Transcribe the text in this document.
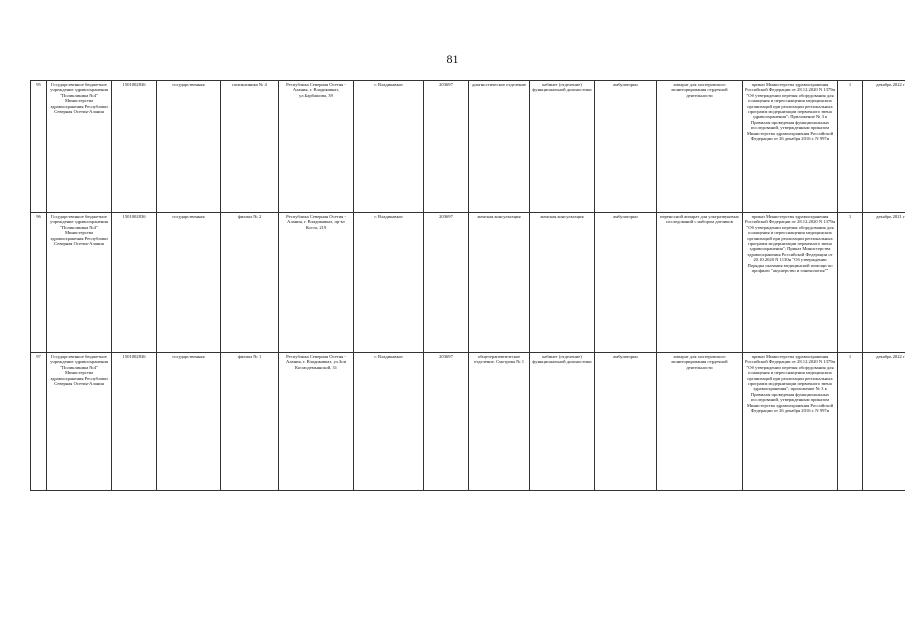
81
95	Государственное бюджетное учреждение здравоохранения "Поликлиника №4" Министерства здравоохранения Республики Северная Осетия-Алания	1501002836	государственная	поликлиника № 4	Республика Северная Осетия - Алания, г. Владикавказ, ул.Барбашова, 39	г. Владикавказ	203697	диагностическое отделение	кабинет (отделение) функциональной диагностики	амбулаторно	аппарат для холтеровского мониторирования сердечной деятельности	приказ Министерства здравоохранения Российской Федерации от 28.12.2020 N 1379н "Об утверждении перечня оборудования для оснащения и переоснащения медицинских организаций при реализации региональных программ модернизации первичного звена здравоохранения"; Приложение № 3 к Правилам проведения функциональных исследований, утвержденным приказом Министерства здравоохранения Российской Федерации от 26 декабря 2016 г. N 997н	1	декабрь 2022 г
96	Государственное бюджетное учреждение здравоохранения "Поликлиника №4" Министерства здравоохранения Республики Северная Осетия-Алания	1501002836	государственная	филиал № 2	Республика Северная Осетия - Алания, г. Владикавказ, пр-кт Коста, 219	г. Владикавказ	203697	женская консультация	женская консультация	амбулаторно	переносной аппарат для ультразвуковых исследований с набором датчиков	приказ Министерства здравоохранения Российской Федерации от 28.12.2020 N 1379н "Об утверждении перечня оборудования для оснащения и переоснащения медицинских организаций при реализации региональных программ модернизации первичного звена здравоохранения"; Приказ Министерства здравоохранения Российской Федерации от 20.10.2020 N 1130н "Об утверждении Порядка оказания медицинской помощи по профилю "акушерство и гинекология""	1	декабрь 2021 г
97	Государственное бюджетное учреждение здравоохранения "Поликлиника №4" Министерства здравоохранения Республики Северная Осетия-Алания	1501002836	государственная	филиал № 1	Республика Северная Осетия - Алания, г. Владикавказ, ул.Зои Космодемьянской, 31	г. Владикавказ	203697	общетерапевтическое отделение. Смотрова № 1	кабинет (отделение) функциональной диагностики	амбулаторно	аппарат для холтеровского мониторирования сердечной деятельности	приказ Министерства здравоохранения Российской Федерации от 28.12.2020 N 1379н "Об утверждении перечня оборудования для оснащения и переоснащения медицинских организаций при реализации региональных программ модернизации первичного звена здравоохранения"; приложение № 3 к Правилам проведения функциональных исследований, утвержденным приказом Министерства здравоохранения Российской Федерации от 26 декабря 2016 г. N 997н	1	декабрь 2022 г
